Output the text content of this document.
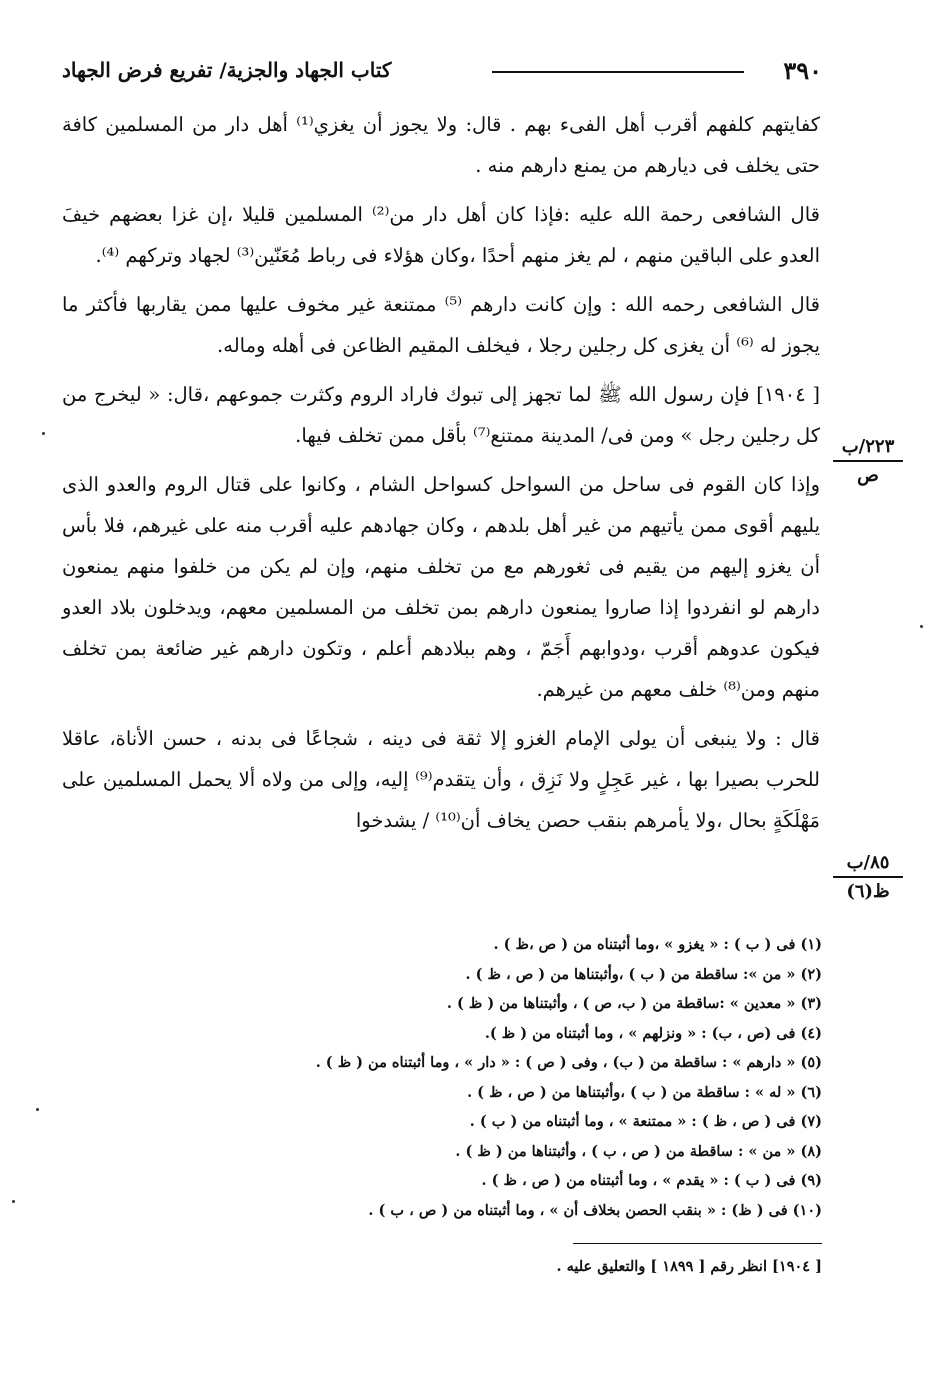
٣٩٠
كتاب الجهاد والجزية/ تفريع فرض الجهاد

كفايتهم كلفهم أقرب أهل الفىء بهم . قال: ولا يجوز أن يغزي⁽¹⁾ أهل دار من المسلمين كافة حتى يخلف فى ديارهم من يمنع دارهم منه .

قال الشافعى رحمة الله عليه :فإذا كان أهل دار من⁽²⁾ المسلمين قليلا ،إن غزا بعضهم خيفَ العدو على الباقين منهم ، لم يغز منهم أحدًا ،وكان هؤلاء فى رباط مُعَنّين⁽³⁾ لجهاد وتركهم ⁽⁴⁾.

قال الشافعى رحمه الله : وإن كانت دارهم ⁽⁵⁾ ممتنعة غير مخوف عليها ممن يقاربها فأكثر ما يجوز له ⁽⁶⁾ أن يغزى كل رجلين رجلا ، فيخلف المقيم الظاعن فى أهله وماله.

[ ١٩٠٤] فإن رسول الله ﷺ لما تجهز إلى تبوك فاراد الروم وكثرت جموعهم ،قال: « ليخرج من كل رجلين رجل » ومن فى/ المدينة ممتنع⁽⁷⁾ بأقل ممن تخلف فيها.

وإذا كان القوم فى ساحل من السواحل كسواحل الشام ، وكانوا على قتال الروم والعدو الذى يليهم أقوى ممن يأتيهم من غير أهل بلدهم ، وكان جهادهم عليه أقرب منه على غيرهم، فلا بأس أن يغزو إليهم من يقيم فى ثغورهم مع من تخلف منهم، وإن لم يكن من خلفوا منهم يمنعون دارهم لو انفردوا إذا صاروا يمنعون دارهم بمن تخلف من المسلمين معهم، ويدخلون بلاد العدو فيكون عدوهم أقرب ،ودوابهم أَجَمّ ، وهم ببلادهم أعلم ، وتكون دارهم غير ضائعة بمن تخلف منهم ومن⁽⁸⁾ خلف معهم من غيرهم.

قال : ولا ينبغى أن يولى الإمام الغزو إلا ثقة فى دينه ، شجاعًا فى بدنه ، حسن الأناة، عاقلا للحرب بصيرا بها ، غير عَجِلٍ ولا نَزِق ، وأن يتقدم⁽⁹⁾ إليه، وإلى من ولاه ألا يحمل المسلمين على مَهْلَكَةٍ بحال ،ولا يأمرهم بنقب حصن يخاف أن⁽¹⁰⁾ / يشدخوا

٢٢٣/ب
ص
٨٥/ب
ظ(٦)
(١) فى ( ب ) : « يغزو » ،وما أثبتناه من ( ص ،ظ ) .
(٢) « من »: ساقطة من ( ب ) ،وأثبتناها من ( ص ، ظ ) .
(٣) « معدين » :ساقطة من ( ب، ص ) ، وأثبتناها من ( ظ ) .
(٤) فى (ص ، ب) : « ونزلهم » ، وما أثبتناه من ( ظ ).
(٥) « دارهم » : ساقطة من ( ب) ، وفى ( ص ) : « دار » ، وما أثبتناه من ( ظ ) .
(٦) « له » : ساقطة من ( ب ) ،وأثبتناها من ( ص ، ظ ) .
(٧) فى ( ص ، ظ ) : « ممتنعة » ، وما أثبتناه من ( ب ) .
(٨) « من » : ساقطة من ( ص ، ب ) ، وأثبتناها من ( ظ ) .
(٩) فى ( ب ) : « يقدم » ، وما أثبتناه من ( ص ، ظ ) .
(١٠) فى ( ظ) : « بنقب الحصن بخلاف أن » ، وما أثبتناه من ( ص ، ب ) .
[ ١٩٠٤] انظر رقم [ ١٨٩٩ ] والتعليق عليه .
